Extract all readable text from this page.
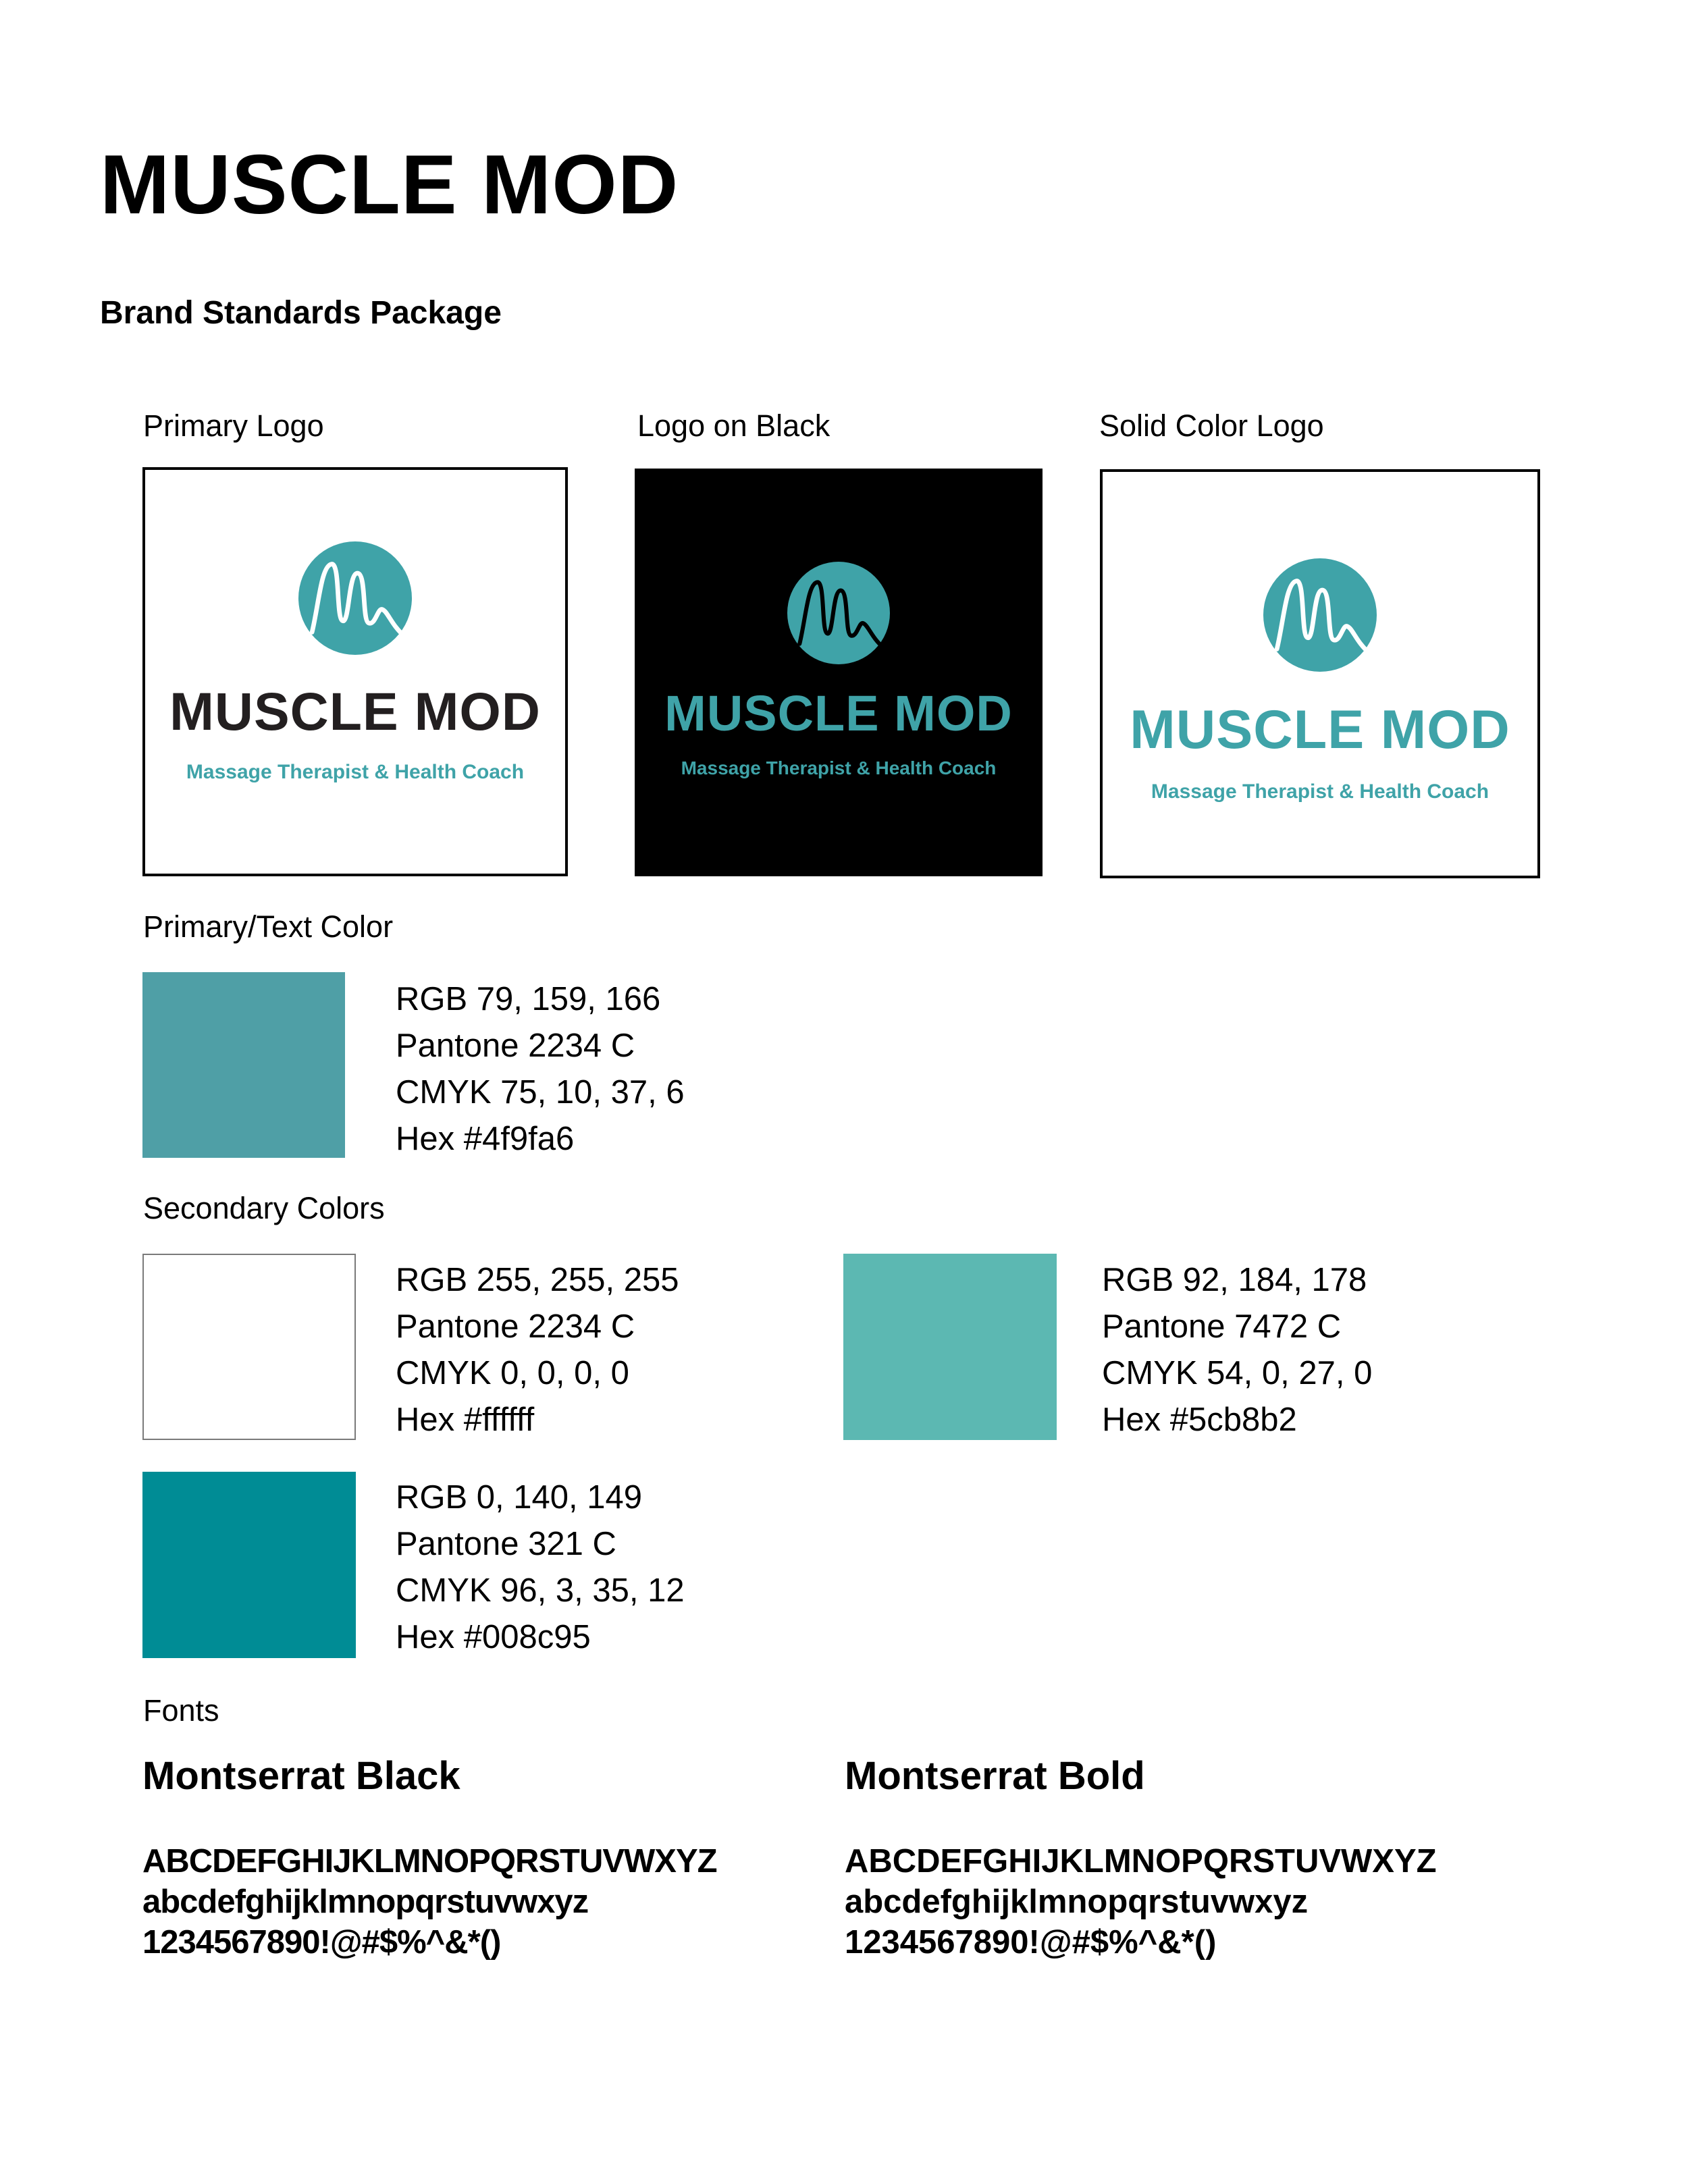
MUSCLE MOD
Brand Standards Package
Primary Logo	Logo on Black	Solid Color Logo
MUSCLE MOD
Massage Therapist & Health Coach
MUSCLE MOD
Massage Therapist & Health Coach
MUSCLE MOD
Massage Therapist & Health Coach
Primary/Text Color
RGB 79, 159, 166
Pantone 2234 C
CMYK 75, 10, 37, 6
Hex #4f9fa6
Secondary Colors
RGB 255, 255, 255
Pantone 2234 C
CMYK 0, 0, 0, 0
Hex #ffffff
RGB 92, 184, 178
Pantone 7472 C
CMYK 54, 0, 27, 0
Hex #5cb8b2
RGB 0, 140, 149
Pantone 321 C
CMYK 96, 3, 35, 12
Hex #008c95
Fonts
Montserrat Black
ABCDEFGHIJKLMNOPQRSTUVWXYZ
abcdefghijklmnopqrstuvwxyz
1234567890!@#$%^&*()
Montserrat Bold
ABCDEFGHIJKLMNOPQRSTUVWXYZ
abcdefghijklmnopqrstuvwxyz
1234567890!@#$%^&*()
